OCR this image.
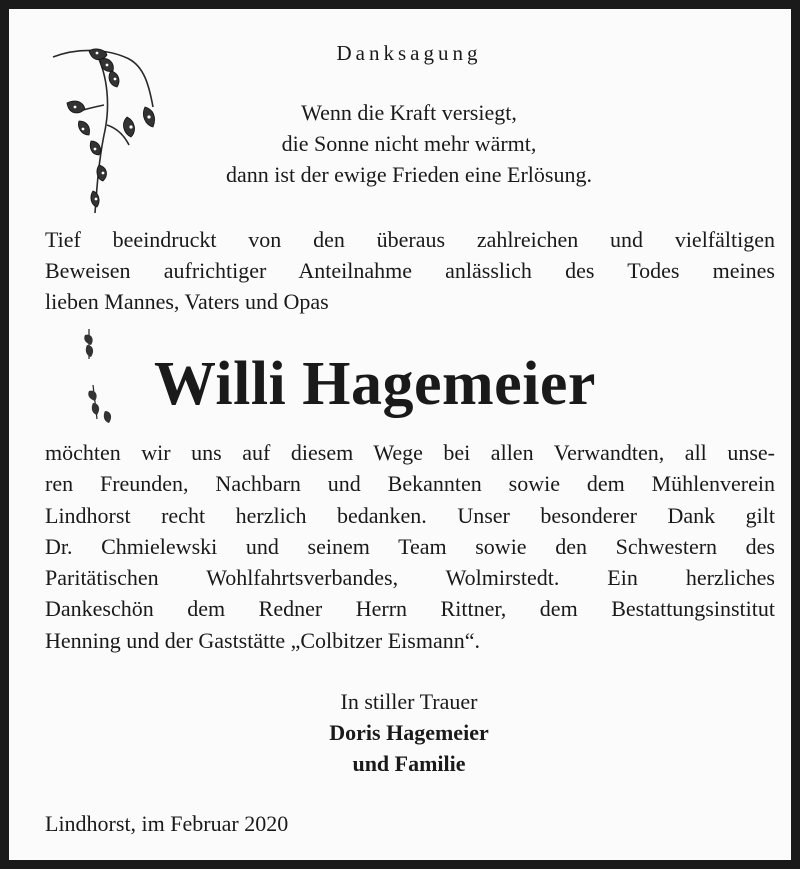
Danksagung
Wenn die Kraft versiegt,
die Sonne nicht mehr wärmt,
dann ist der ewige Frieden eine Erlösung.
Tief beeindruckt von den überaus zahlreichen und vielfältigen
Beweisen aufrichtiger Anteilnahme anlässlich des Todes meines
lieben Mannes, Vaters und Opas
Willi Hagemeier
möchten wir uns auf diesem Wege bei allen Verwandten, all unse-
ren Freunden, Nachbarn und Bekannten sowie dem Mühlenverein
Lindhorst recht herzlich bedanken. Unser besonderer Dank gilt
Dr. Chmielewski und seinem Team sowie den Schwestern des
Paritätischen Wohlfahrtsverbandes, Wolmirstedt. Ein herzliches
Dankeschön dem Redner Herrn Rittner, dem Bestattungsinstitut
Henning und der Gaststätte „Colbitzer Eismann“.
In stiller Trauer
Doris Hagemeier
und Familie
Lindhorst, im Februar 2020
